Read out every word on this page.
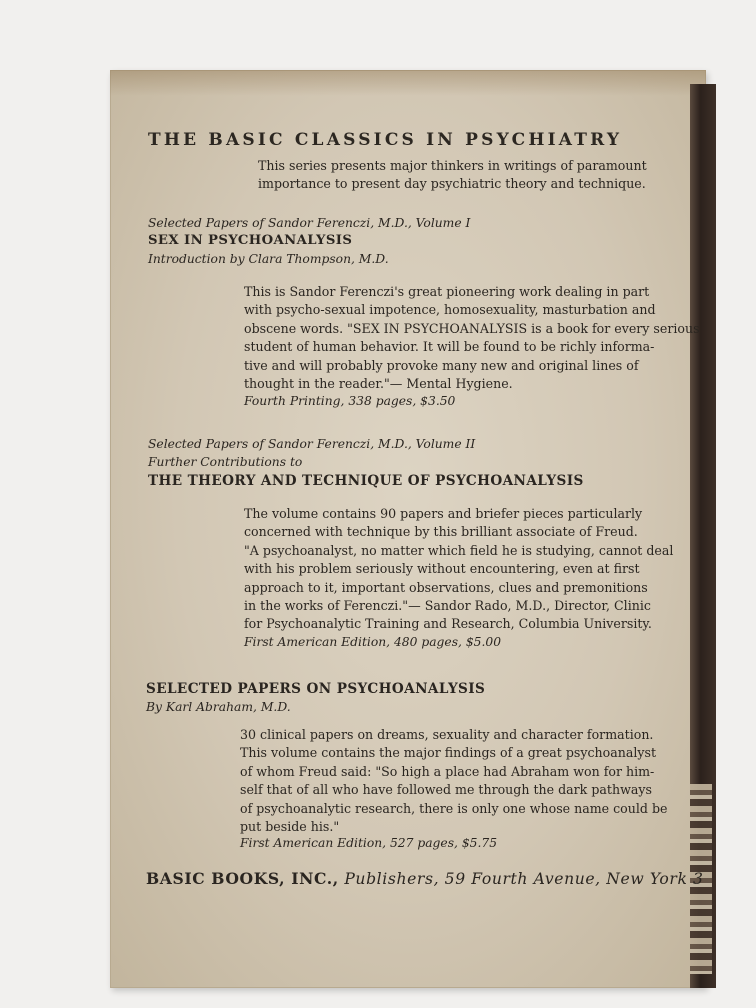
THE BASIC CLASSICS IN PSYCHIATRY
This series presents major thinkers in writings of paramount
importance to present day psychiatric theory and technique.
Selected Papers of Sandor Ferenczi, M.D., Volume I
SEX IN PSYCHOANALYSIS
Introduction by Clara Thompson, M.D.
This is Sandor Ferenczi's great pioneering work dealing in part
with psycho-sexual impotence, homosexuality, masturbation and
obscene words. "SEX IN PSYCHOANALYSIS is a book for every serious
student of human behavior. It will be found to be richly informa-
tive and will probably provoke many new and original lines of
thought in the reader."— Mental Hygiene.
Fourth Printing, 338 pages, $3.50
Selected Papers of Sandor Ferenczi, M.D., Volume II
Further Contributions to
THE THEORY AND TECHNIQUE OF PSYCHOANALYSIS
The volume contains 90 papers and briefer pieces particularly
concerned with technique by this brilliant associate of Freud.
"A psychoanalyst, no matter which field he is studying, cannot deal
with his problem seriously without encountering, even at first
approach to it, important observations, clues and premonitions
in the works of Ferenczi."— Sandor Rado, M.D., Director, Clinic
for Psychoanalytic Training and Research, Columbia University.
First American Edition, 480 pages, $5.00
SELECTED PAPERS ON PSYCHOANALYSIS
By Karl Abraham, M.D.
30 clinical papers on dreams, sexuality and character formation.
This volume contains the major findings of a great psychoanalyst
of whom Freud said: "So high a place had Abraham won for him-
self that of all who have followed me through the dark pathways
of psychoanalytic research, there is only one whose name could be
put beside his."
First American Edition, 527 pages, $5.75
BASIC BOOKS, INC., Publishers, 59 Fourth Avenue, New York 3
